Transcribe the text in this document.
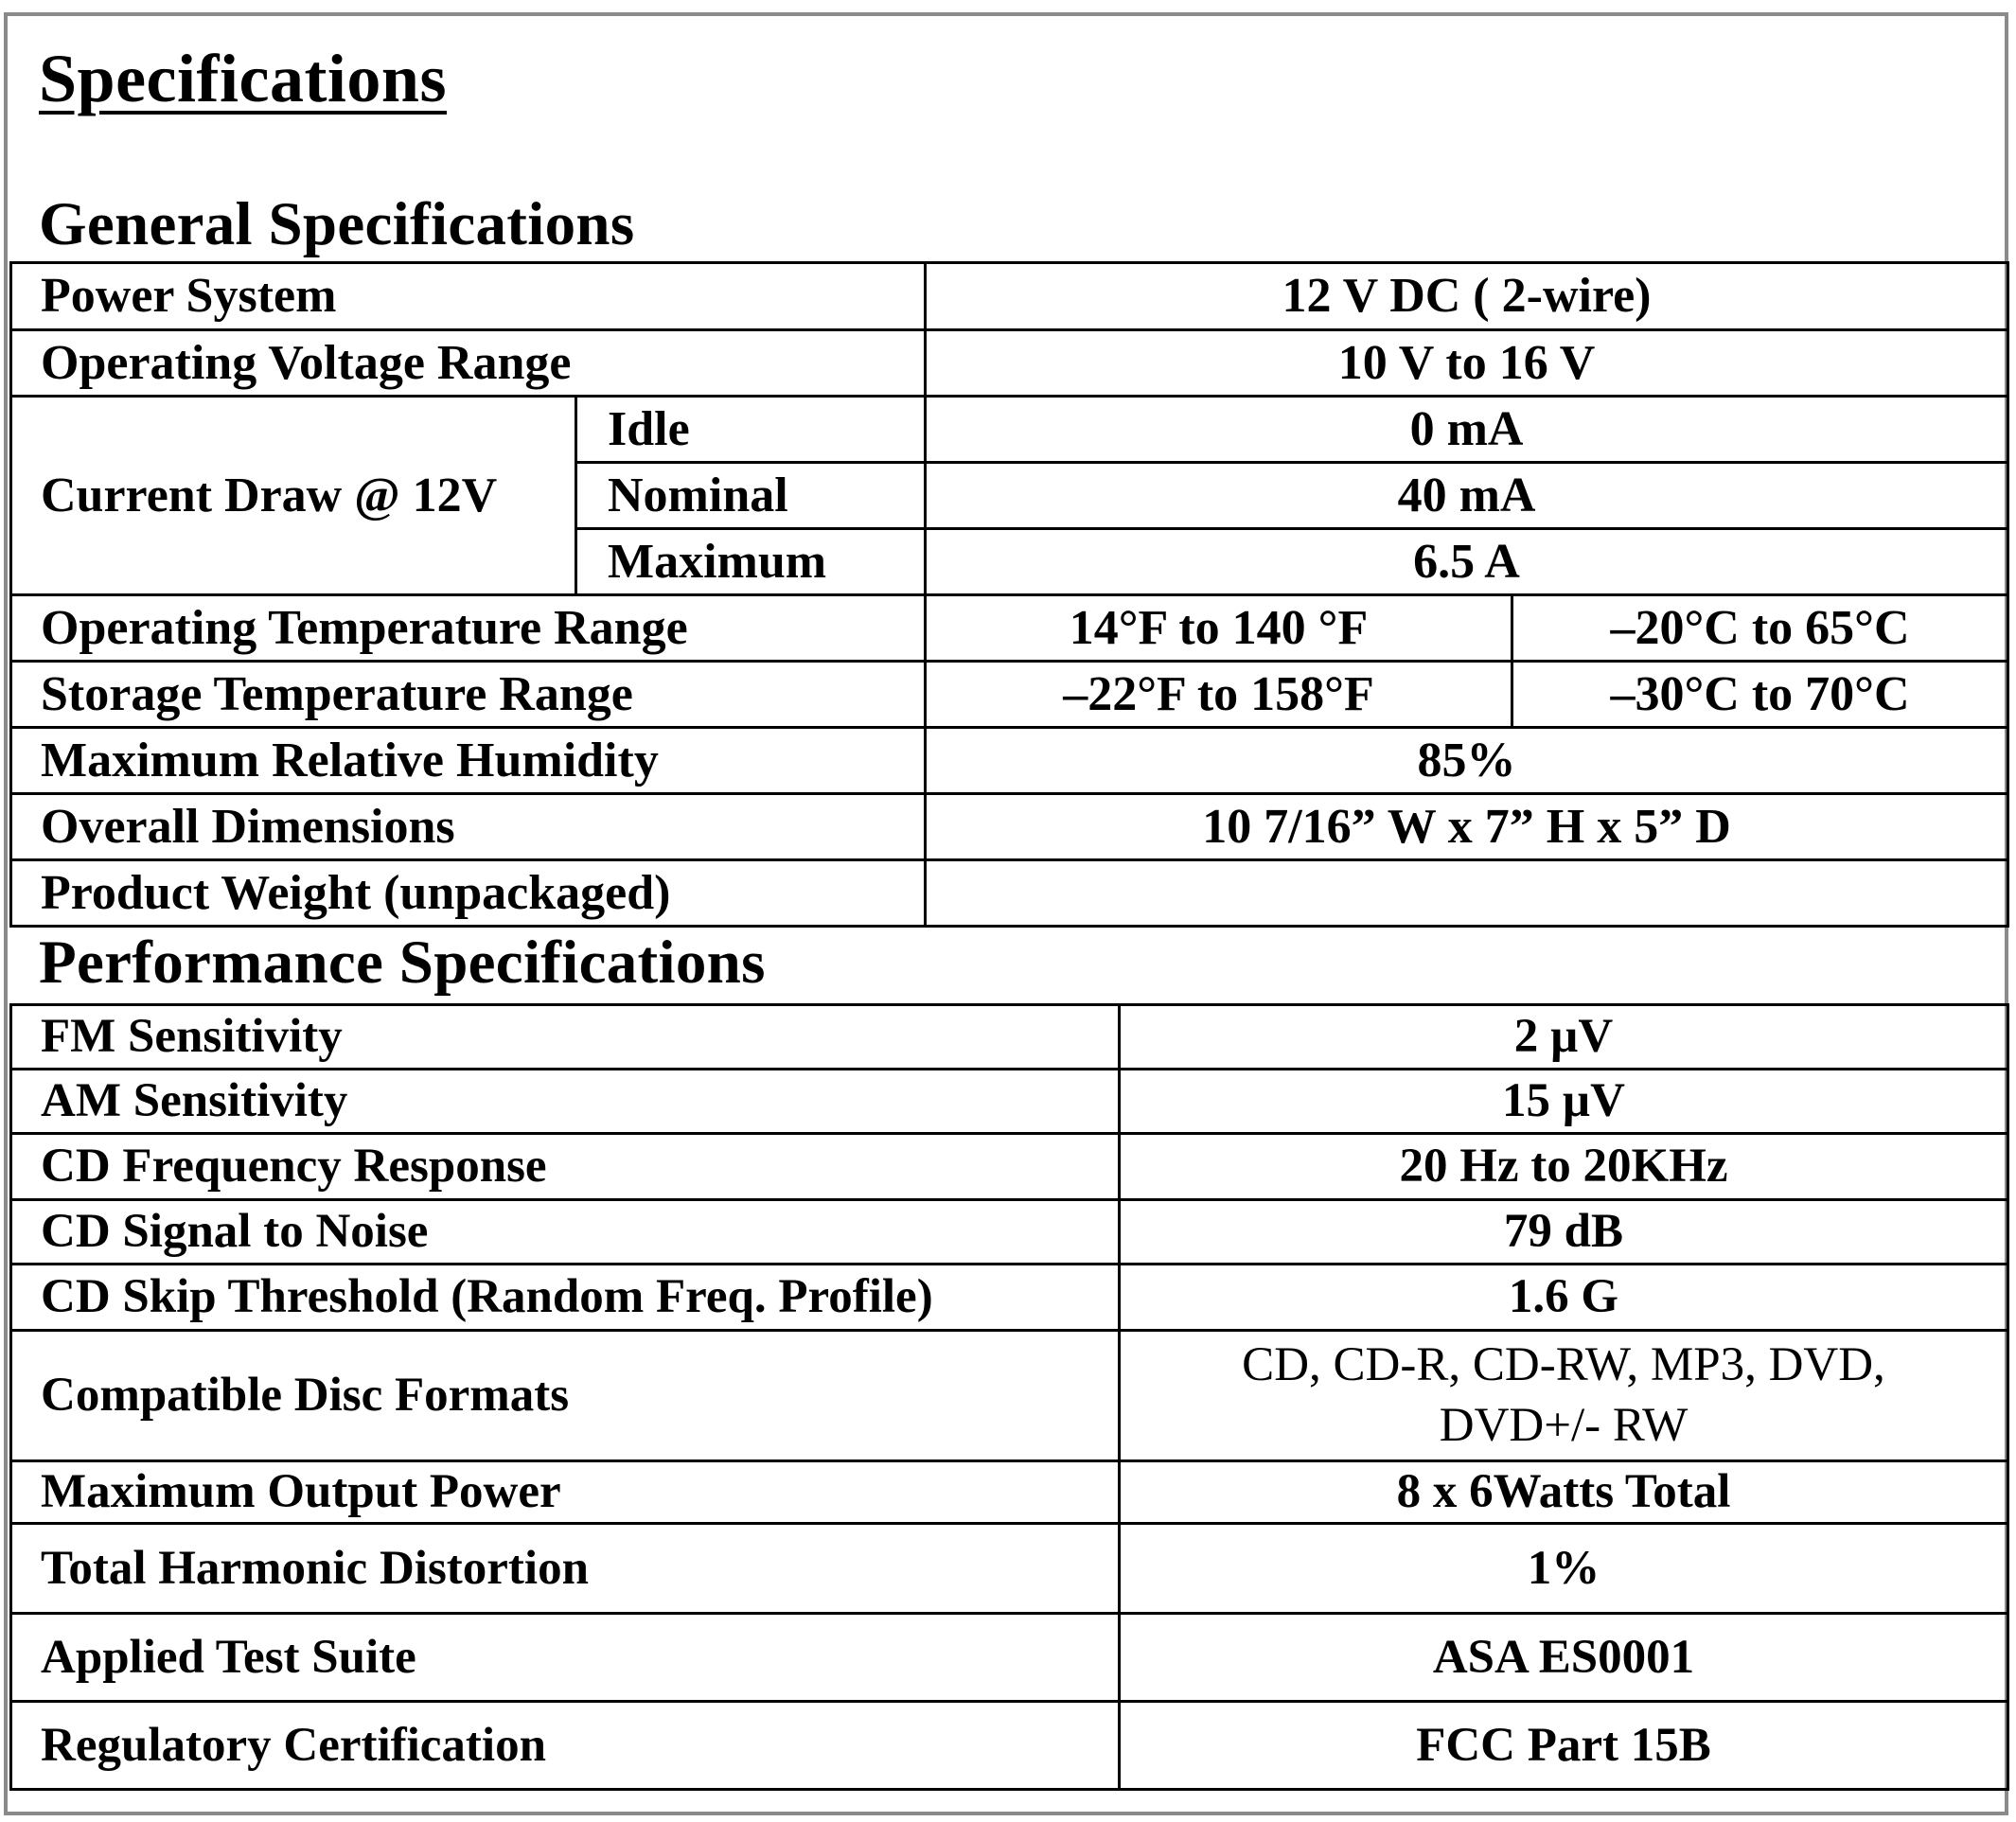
Specifications
General Specifications
Power System		12 V DC ( 2-wire)	
Operating Voltage Range		10 V to 16 V	
Current Draw @ 12V	Idle	0 mA	
	Nominal	40 mA	
	Maximum	6.5 A	
Operating Temperature Range		14°F to 140 °F	–20°C to 65°C
Storage Temperature Range		–22°F to 158°F	–30°C to 70°C
Maximum Relative Humidity		85%	
Overall Dimensions		10 7/16” W x 7” H x 5” D	
Product Weight (unpackaged)			
Performance Specifications
FM Sensitivity	2 µV
AM Sensitivity	15 µV
CD Frequency Response	20 Hz to 20KHz
CD Signal to Noise	79 dB
CD Skip Threshold (Random Freq. Profile)	1.6 G
Compatible Disc Formats	CD, CD-R, CD-RW, MP3, DVD, DVD+/- RW
Maximum Output Power	8 x 6Watts Total
Total Harmonic Distortion	1%
Applied Test Suite	ASA ES0001
Regulatory Certification	FCC Part 15B
